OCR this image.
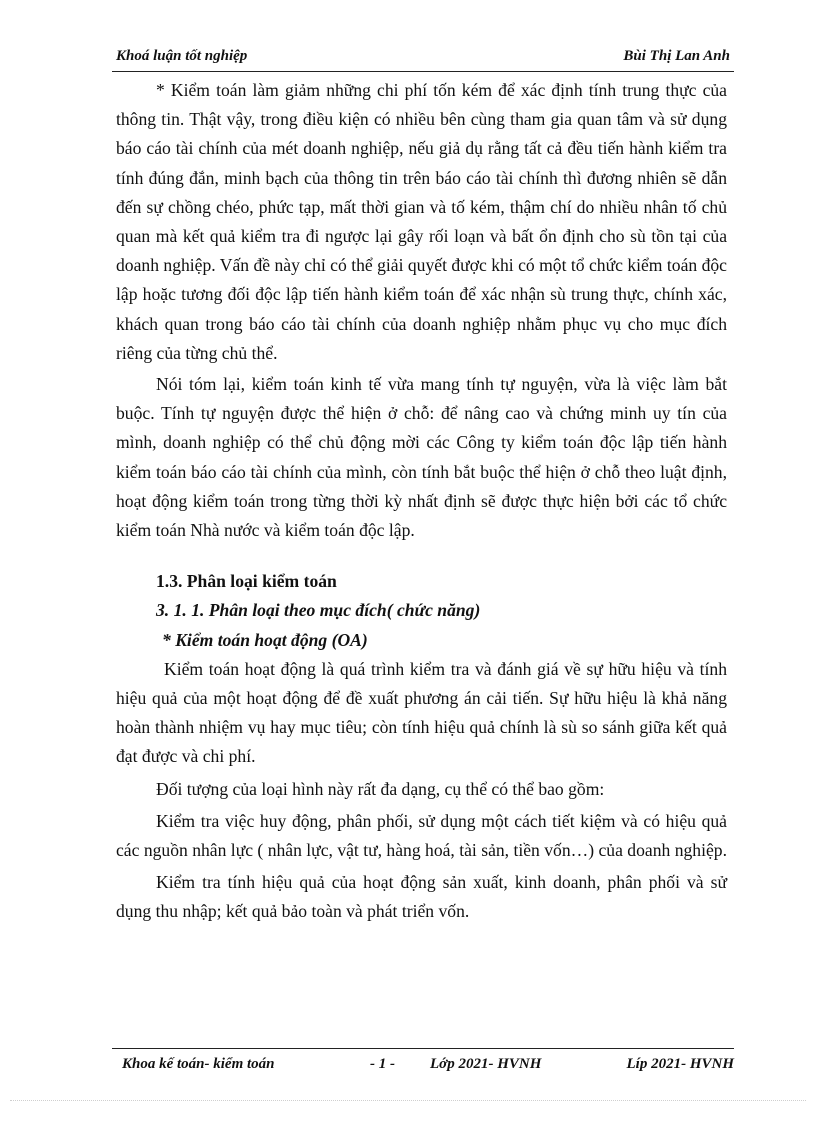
Khoá luận tốt nghiệp	Bùi Thị Lan Anh

* Kiểm toán làm giảm những chi phí tốn kém để xác định tính trung thực của thông tin. Thật vậy, trong điều kiện có nhiều bên cùng tham gia quan tâm và sử dụng báo cáo tài chính của mét doanh nghiệp, nếu giả dụ rằng tất cả đều tiến hành kiểm tra tính đúng đắn, minh bạch của thông tin trên báo cáo tài chính thì đương nhiên sẽ dẫn đến sự chồng chéo, phức tạp, mất thời gian và tố kém, thậm chí do nhiều nhân tố chủ quan mà kết quả kiểm tra đi ngược lại gây rối loạn và bất ổn định cho sù tồn tại của doanh nghiệp. Vấn đề này chỉ có thể giải quyết được khi có một tổ chức kiểm toán độc lập hoặc tương đối độc lập tiến hành kiểm toán để xác nhận sù trung thực, chính xác, khách quan trong báo cáo tài chính của doanh nghiệp nhằm phục vụ cho mục đích riêng của từng chủ thể.

Nói tóm lại, kiểm toán kinh tế vừa mang tính tự nguyện, vừa là việc làm bắt buộc. Tính tự nguyện được thể hiện ở chỗ: để nâng cao và chứng minh uy tín của mình, doanh nghiệp có thể chủ động mời các Công ty kiểm toán độc lập tiến hành kiểm toán báo cáo tài chính của mình, còn tính bắt buộc thể hiện ở chỗ theo luật định, hoạt động kiểm toán trong từng thời kỳ nhất định sẽ được thực hiện bởi các tổ chức kiểm toán Nhà nước và kiểm toán độc lập.

1.3. Phân loại kiểm toán

3. 1. 1. Phân loại theo mục đích( chức năng)

* Kiểm toán hoạt động (OA)

Kiểm toán hoạt động là quá trình kiểm tra và đánh giá về sự hữu hiệu và tính hiệu quả của một hoạt động để đề xuất phương án cải tiến. Sự hữu hiệu là khả năng hoàn thành nhiệm vụ hay mục tiêu; còn tính hiệu quả chính là sù so sánh giữa kết quả đạt được và chi phí.

Đối tượng của loại hình này rất đa dạng, cụ thể có thể bao gồm:

Kiểm tra việc huy động, phân phối, sử dụng một cách tiết kiệm và có hiệu quả các nguồn nhân lực ( nhân lực, vật tư, hàng hoá, tài sản, tiền vốn…) của doanh nghiệp.

Kiểm tra tính hiệu quả của hoạt động sản xuất, kinh doanh, phân phối và sử dụng thu nhập; kết quả bảo toàn và phát triển vốn.

Khoa kế toán- kiểm toán	- 1 - Lớp 2021- HVNH	Líp 2021- HVNH
